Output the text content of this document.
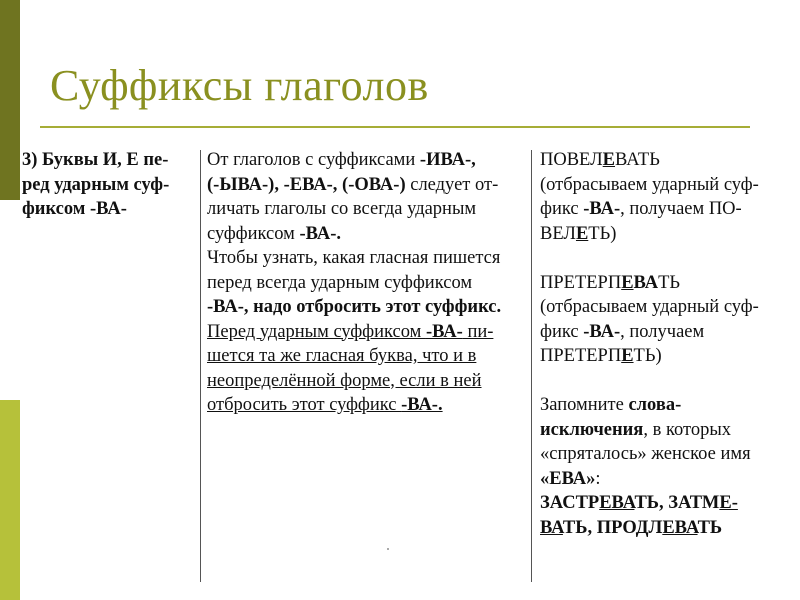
Суффиксы глаголов
3) Буквы И, Е пе-
ред ударным суф-
фиксом -ВА-
От глаголов с суффиксами -ИВА-,
(-ЫВА-), -ЕВА-, (-ОВА-) следует от-
личать глаголы со всегда ударным
суффиксом -ВА-.
Чтобы узнать, какая гласная пишется
перед всегда ударным суффиксом
-ВА-, надо отбросить этот суффикс.
Перед ударным суффиксом -ВА- пи-
шется та же гласная буква, что и в
неопределённой форме, если в ней
отбросить этот суффикс -ВА-.
ПОВЕЛЕВАТЬ
(отбрасываем ударный суф-
фикс -ВА-, получаем ПО-
ВЕЛЕТЬ)
ПРЕТЕРПЕВАТЬ
(отбрасываем ударный суф-
фикс -ВА-, получаем
ПРЕТЕРПЕТЬ)
Запомните слова-
исключения, в которых
«спряталось» женское имя
«ЕВА»:
ЗАСТРЕВАТЬ, ЗАТМЕ-
ВАТЬ, ПРОДЛЕВАТЬ
